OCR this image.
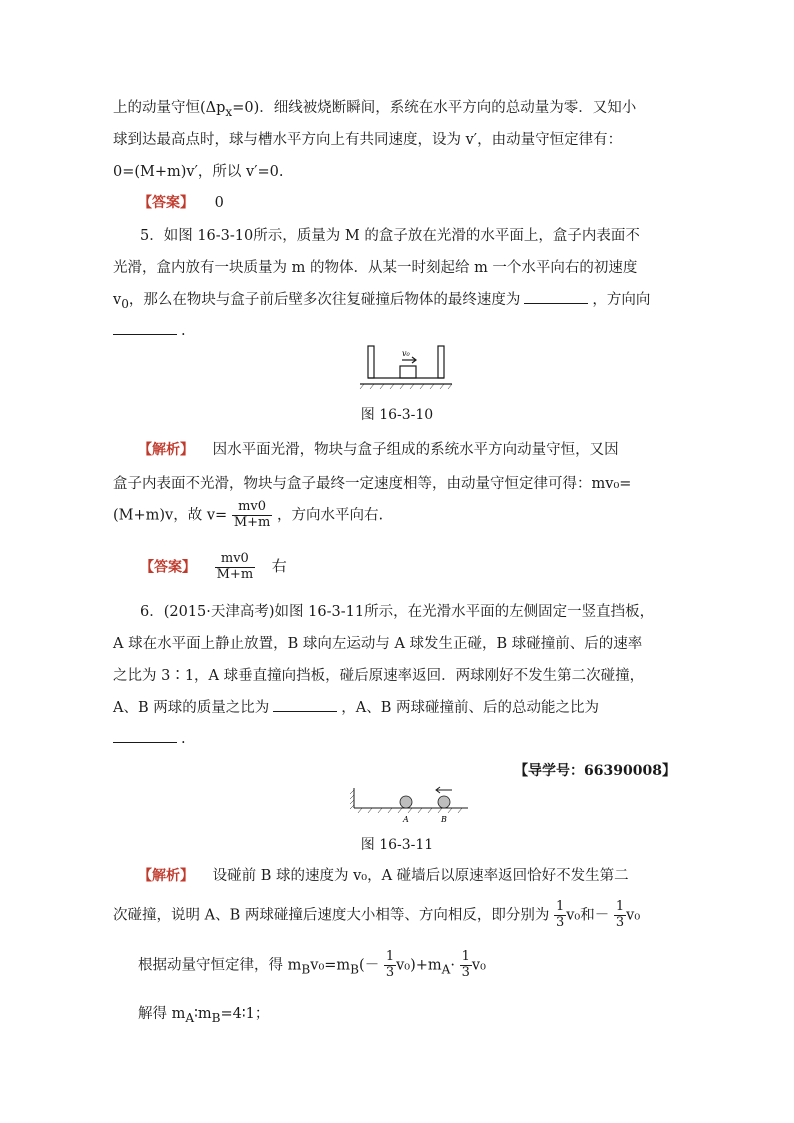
上的动量守恒$(\Delta p_x=0)$．细线被烧断瞬间，系统在水平方向的总动量为零．又知小
球到达最高点时，球与槽水平方向上有共同速度，设为 v′，由动量守恒定律有：
0=(M+m)v′，所以 v′=0.
【答案】 0
5．如图 16-3-10所示，质量为 M 的盒子放在光滑的水平面上，盒子内表面不
光滑，盒内放有一块质量为 m 的物体．从某一时刻起给 m 一个水平向右的初速度
$v_0$，那么在物块与盒子前后壁多次往复碰撞后物体的最终速度为	，方向向
.
v₀
图 16-3-10
【解析】 因水平面光滑，物块与盒子组成的系统水平方向动量守恒，又因
盒子内表面不光滑，物块与盒子最终一定速度相等，由动量守恒定律可得：mv₀=
(M+m)v，故 $v= \frac{mv0}{M+m}$ ，方向水平向右.
【答案】 $\frac{mv0}{M+m}$ 右
6．(2015·天津高考)如图 16-3-11所示，在光滑水平面的左侧固定一竖直挡板，
A 球在水平面上静止放置，B 球向左运动与 A 球发生正碰，B 球碰撞前、后的速率
之比为 3∶1，A 球垂直撞向挡板，碰后原速率返回．两球刚好不发生第二次碰撞，
A、B 两球的质量之比为	，A、B 两球碰撞前、后的总动能之比为
.
【导学号：66390008】
A	B
图 16-3-11
【解析】 设碰前 B 球的速度为 v₀，A 碰墙后以原速率返回恰好不发生第二
次碰撞，说明 A、B 两球碰撞后速度大小相等、方向相反，即分别为 $\frac{1}{3} v_0$和－ $\frac{1}{3} v_0$
根据动量守恒定律，得 $m_Bv_0=m_B(- \frac{1}{3} v_0)+m_A\cdot \frac{1}{3} v_0$
解得 $m_A∶m_B=4∶1$；
